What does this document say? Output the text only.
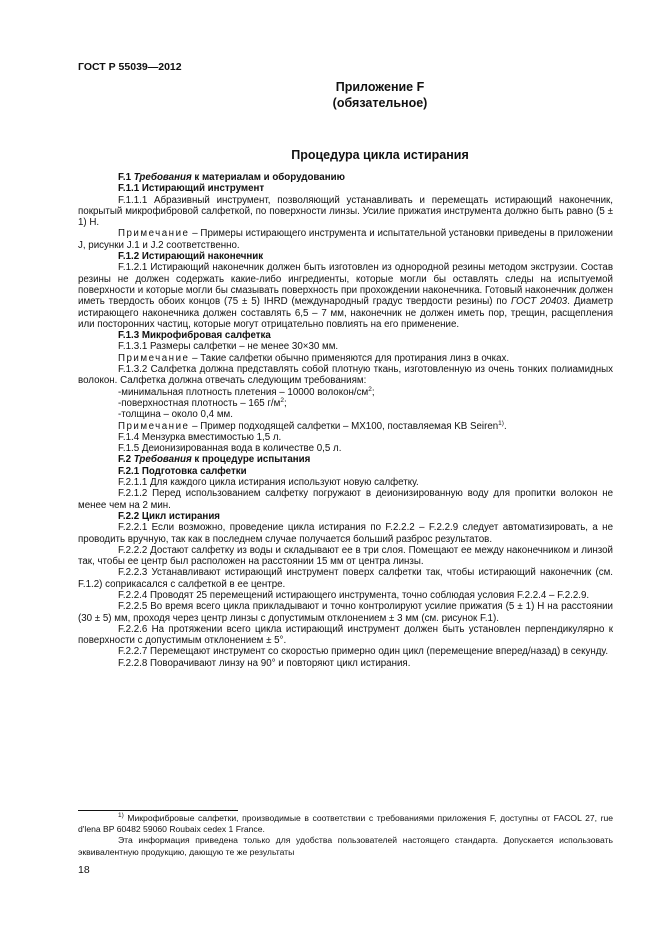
ГОСТ Р 55039—2012
Приложение F
(обязательное)
Процедура цикла истирания

F.1 Требования к материалам и оборудованию

F.1.1 Истирающий инструмент

F.1.1.1 Абразивный инструмент, позволяющий устанавливать и перемещать истирающий наконечник, покрытый микрофибровой салфеткой, по поверхности линзы. Усилие прижатия инструмента должно быть равно (5 ± 1) Н.

Примечание – Примеры истирающего инструмента и испытательной установки приведены в приложении J, рисунки J.1 и J.2 соответственно.

F.1.2 Истирающий наконечник

F.1.2.1 Истирающий наконечник должен быть изготовлен из однородной резины методом экструзии. Состав резины не должен содержать какие-либо ингредиенты, которые могли бы оставлять следы на испытуемой поверхности и которые могли бы смазывать поверхность при прохождении наконечника. Готовый наконечник должен иметь твердость обоих концов (75 ± 5) IHRD (международный градус твердости резины) по ГОСТ 20403. Диаметр истирающего наконечника должен составлять 6,5 – 7 мм, наконечник не должен иметь пор, трещин, расщепления или посторонних частиц, которые могут отрицательно повлиять на его применение.

F.1.3 Микрофибровая салфетка

F.1.3.1 Размеры салфетки – не менее 30×30 мм.

Примечание – Такие салфетки обычно применяются для протирания линз в очках.

F.1.3.2 Салфетка должна представлять собой плотную ткань, изготовленную из очень тонких полиамидных волокон. Салфетка должна отвечать следующим требованиям:

-минимальная плотность плетения – 10000 волокон/$см^2$;

-поверхностная плотность – 165 $г/м^2$;

-толщина – около 0,4 мм.

Примечание – Пример подходящей салфетки – МХ100, поставляемая KB Seiren$^{1)}$.

F.1.4 Мензурка вместимостью 1,5 л.

F.1.5 Деионизированная вода в количестве 0,5 л.

F.2 Требования к процедуре испытания

F.2.1 Подготовка салфетки

F.2.1.1 Для каждого цикла истирания используют новую салфетку.

F.2.1.2 Перед использованием салфетку погружают в деионизированную воду для пропитки волокон не менее чем на 2 мин.

F.2.2 Цикл истирания

F.2.2.1 Если возможно, проведение цикла истирания по F.2.2.2 – F.2.2.9 следует автоматизировать, а не проводить вручную, так как в последнем случае получается больший разброс результатов.

F.2.2.2 Достают салфетку из воды и складывают ее в три слоя. Помещают ее между наконечником и линзой так, чтобы ее центр был расположен на расстоянии 15 мм от центра линзы.

F.2.2.3 Устанавливают истирающий инструмент поверх салфетки так, чтобы истирающий наконечник (см. F.1.2) соприкасался с салфеткой в ее центре.

F.2.2.4 Проводят 25 перемещений истирающего инструмента, точно соблюдая условия F.2.2.4 – F.2.2.9.

F.2.2.5 Во время всего цикла прикладывают и точно контролируют усилие прижатия (5 ± 1) Н на расстоянии (30 ± 5) мм, проходя через центр линзы с допустимым отклонением ± 3 мм (см. рисунок F.1).

F.2.2.6 На протяжении всего цикла истирающий инструмент должен быть установлен перпендикулярно к поверхности с допустимым отклонением ± 5°.

F.2.2.7 Перемещают инструмент со скоростью примерно один цикл (перемещение вперед/назад) в секунду.

F.2.2.8 Поворачивают линзу на 90° и повторяют цикл истирания.

$^{1)}$ Микрофибровые салфетки, производимые в соответствии с требованиями приложения F, доступны от FACOL 27, rue d'lena BP 60482 59060 Roubaix cedex 1 France.

Эта информация приведена только для удобства пользователей настоящего стандарта. Допускается использовать эквивалентную продукцию, дающую те же результаты

18
